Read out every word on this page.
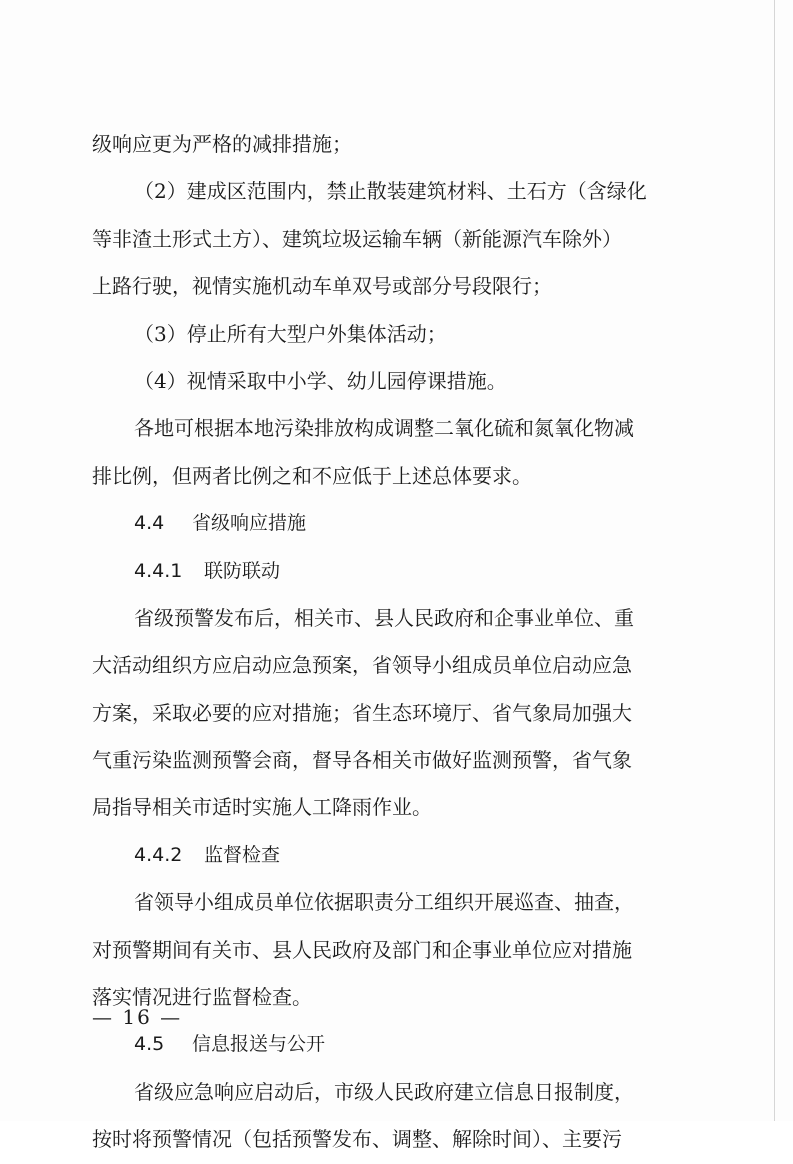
级响应更为严格的减排措施；
（2）建成区范围内，禁止散装建筑材料、土石方（含绿化
等非渣土形式土方）、建筑垃圾运输车辆（新能源汽车除外）
上路行驶，视情实施机动车单双号或部分号段限行；
（3）停止所有大型户外集体活动；
（4）视情采取中小学、幼儿园停课措施。
各地可根据本地污染排放构成调整二氧化硫和氮氧化物减
排比例，但两者比例之和不应低于上述总体要求。
4.4 省级响应措施
4.4.1 联防联动
省级预警发布后，相关市、县人民政府和企事业单位、重
大活动组织方应启动应急预案，省领导小组成员单位启动应急
方案，采取必要的应对措施；省生态环境厅、省气象局加强大
气重污染监测预警会商，督导各相关市做好监测预警，省气象
局指导相关市适时实施人工降雨作业。
4.4.2 监督检查
省领导小组成员单位依据职责分工组织开展巡查、抽查，
对预警期间有关市、县人民政府及部门和企事业单位应对措施
落实情况进行监督检查。
4.5 信息报送与公开
省级应急响应启动后，市级人民政府建立信息日报制度，
按时将预警情况（包括预警发布、调整、解除时间）、主要污
— 16 —
